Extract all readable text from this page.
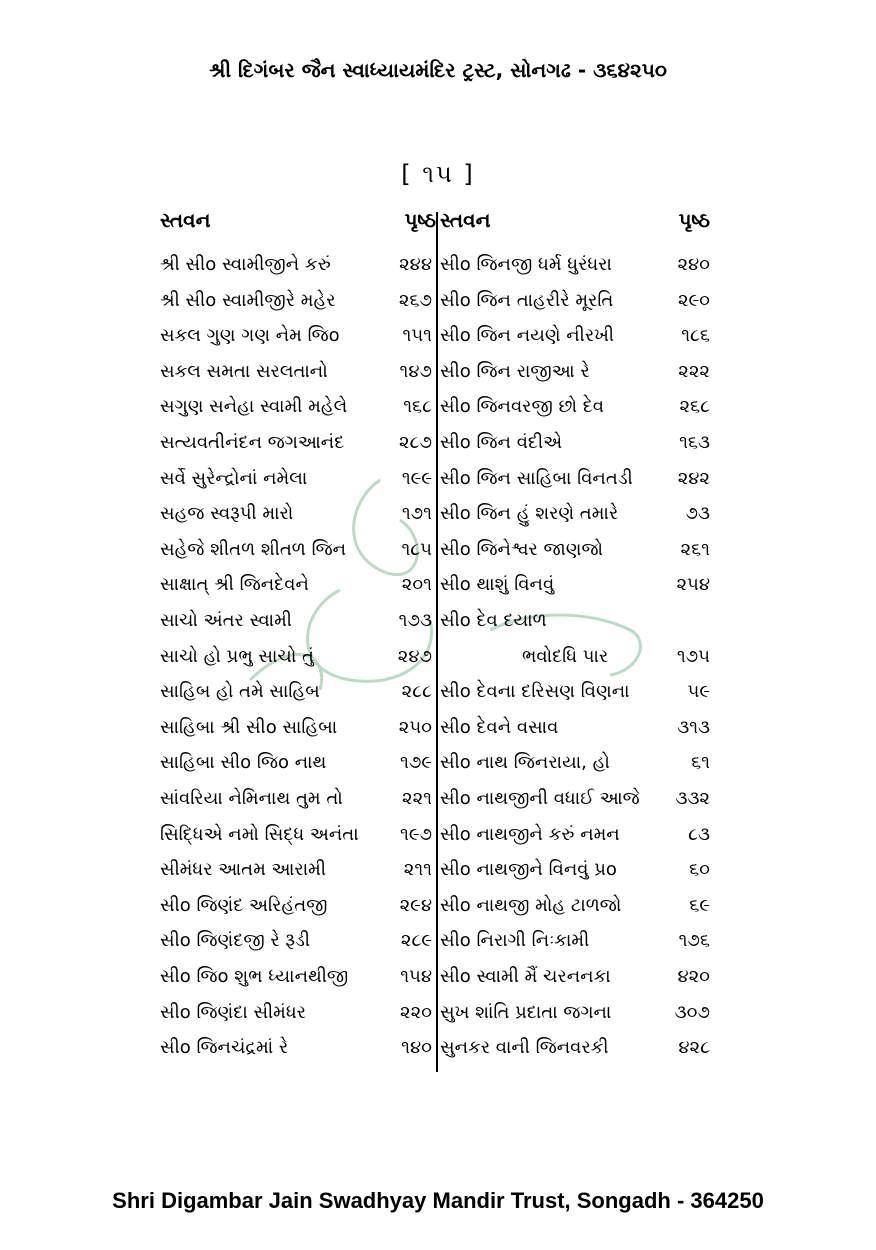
શ્રી દિગંબર જૈન સ્વાધ્યાયમંદિર ટ્રસ્ટ, સોનગઢ - ૩૬૪૨૫૦
[ ૧૫ ]
સ્તવન	પૃષ્ઠ સ્તવન	પૃષ્ઠ
શ્રી સીo સ્વામીજીને કરું	૨૪૪ સીo જિનજી ધર્મ ધુરંધરા	૨૪૦
શ્રી સીo સ્વામીજીરે મહેર	૨૬૭ સીo જિન તાહરીરે મૂરતિ	૨૯૦
સકલ ગુણ ગણ નેમ જિo	૧૫૧ સીo જિન નયણે નીરખી	૧૮૬
સકલ સમતા સરલતાનો	૧૪૭ સીo જિન રાજીઆ રે	૨૨૨
સગુણ સનેહા સ્વામી મહેલે	૧૬૮ સીo જિનવરજી છો દેવ	૨૬૮
સત્યવતીનંદન જગઆનંદ	૨૮૭ સીo જિન વંદીએ	૧૬૩
સર્વે સુરેન્દ્રોનાં નમેલા	૧૯૯ સીo જિન સાહિબા વિનતડી	૨૪૨
સહજ સ્વરૂપી મારો	૧૭૧ સીo જિન હું શરણે તમારે	૭૩
સહેજે શીતળ શીતળ જિન	૧૮૫ સીo જિનેશ્વર જાણજો	૨૬૧
સાક્ષાત્ શ્રી જિનદેવને	૨૦૧ સીo થાશું વિનવું	૨૫૪
સાચો અંતર સ્વામી	૧૭૩ સીo દેવ દયાળ
સાચો હો પ્રભુ સાચો તું	૨૪૭	ભવોદધિ પાર	૧૭૫
સાહિબ હો તમે સાહિબ	૨૮૮ સીo દેવના દરિસણ વિણના	૫૯
સાહિબા શ્રી સીo સાહિબા	૨૫૦ સીo દેવને વસાવ	૩૧૩
સાહિબા સીo જિo નાથ	૧૭૯ સીo નાથ જિનરાયા, હો	૬૧
સાંવરિયા નેમિનાથ તુમ તો	૨૨૧ સીo નાથજીની વધાઈ આજે	૩૩૨
સિદ્ધિએ નમો સિદ્ધ અનંતા	૧૯૭ સીo નાથજીને કરું નમન	૮૩
સીમંધર આતમ આરામી	૨૧૧ સીo નાથજીને વિનવું પ્રo	૬૦
સીo જિણંદ અરિહંતજી	૨૯૪ સીo નાથજી મોહ ટાળજો	૬૯
સીo જિણંદજી રે રૂડી	૨૮૯ સીo નિરાગી નિઃકામી	૧૭૬
સીo જિo શુભ ધ્યાનથીજી	૧૫૪ સીo સ્વામી મૈં ચરનનકા	૪૨૦
સીo જિણંદા સીમંધર	૨૨૦ સુખ શાંતિ પ્રદાતા જગના	૩૦૭
સીo જિનચંદ્રમાં રે	૧૪૦ સુનકર વાની જિનવરકી	૪૨૮
Shri Digambar Jain Swadhyay Mandir Trust, Songadh - 364250
